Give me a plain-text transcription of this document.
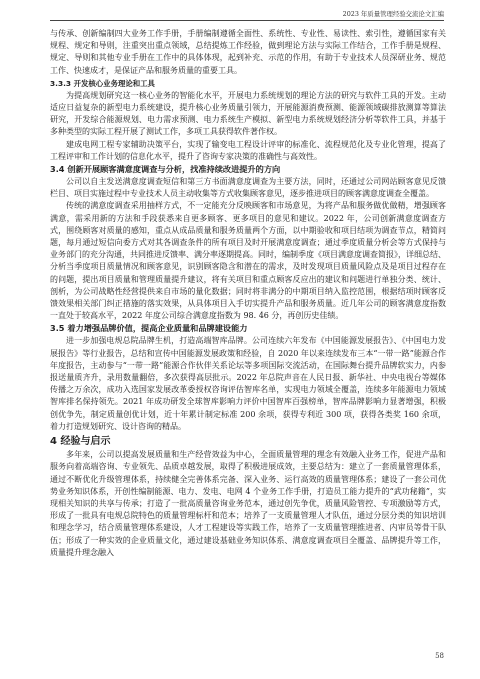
2023 年质量管理经验交流论文汇编

与传承、创新编制四大业务工作手册，手册编制遵循全面性、系统性、专业性、易读性、索引性，遵循国家有关规程、规定和导则，注重突出重点领域，总结提炼工作经验，做到理论方法与实际工作结合，工作手册是规程、规定、导则和其他专业手册在工作中的具体体现，起到补充、示范的作用，有助于专业技术人员深研业务、规范工作、快速成才，是保证产品和服务质量的重要工具。

3.3.3 开发核心业务理论和工具

为提高规划研究这一核心业务的智能化水平，开展电力系统规划的理论方法的研究与软件工具的开发。主动适应日益复杂的新型电力系统建设，提升核心业务质量引领力，开展能源消费预测、能源领域碳排放测算等算法研究，开发综合能源规划、电力需求预测、电力系统生产模拟、新型电力系统规划经济分析等软件工具，并基于多种类型的实际工程开展了测试工作，多项工具获得软件著作权。

建成电网工程专家辅助决策平台，实现了输变电工程设计评审的标准化、流程规范化及专业化管理，提高了工程评审和工作计划的信息化水平，提升了咨询专家决策的准确性与高效性。

3.4 创新开展顾客满意度调查与分析，找准持续改进提升的方向

公司以自主发送满意度调查短信和第三方书面满意度调查为主要方法，同时，还通过公司网站顾客意见反馈栏目、项目实施过程中专业技术人员主动收集等方式收集顾客意见，逐步推进项目的顾客满意度调查全覆盖。

传统的满意度调查采用抽样方式，不一定能充分反映顾客和市场意见，为将产品和服务做优做精，增强顾客满意，需采用新的方法和手段获悉来自更多顾客、更多项目的意见和建议。2022 年，公司创新满意度调查方式，围绕顾客对质量的感知，重点从成品质量和服务质量两个方面，以中期验收和项目结项为调查节点，精简问题，每月通过短信向委方式对其各调查条件的所有项目及时开展满意度调查；通过季度质量分析会等方式保持与业务部门的充分沟通，共同推进反馈率、满分率逐期提高。同时，编制季度《项目满意度调查简报》，详细总结、分析当季度项目质量情况和顾客意见，识别顾客隐含和潜在的需求，及时发现项目质量风险点及是项目过程存在的问题，提出项目质量和管理质量提升建议，将有关项目和重点顾客反应出的建议和问题进行单独分类、统计、剖析，为公司战略性经营提供来自市场的量化数据；同时将非满分的中期项目纳入监控范围，根据结项时顾客反馈效果相关部门纠正措施的落实效果，从具体项目入手切实提升产品和服务质量。近几年公司的顾客满意度指数一直处于较高水平，2022 年度公司综合满意度指数为 98. 46 分，再创历史佳绩。

3.5 着力增强品牌价值，提高企业质量和品牌建设能力

进一步加强电规总院品牌生机，打造高端智库品牌。公司连续六年发布《中国能源发展报告》、《中国电力发展报告》等行业报告，总结和宣传中国能源发展政策和经验，自 2020 年以来连续发布三本“一带一路”能源合作年度报告，主动参与“一带一路”能源合作伙伴关系论坛等多项国际交流活动，在国际舞台提升品牌软实力，内参报送量质齐升，录用数量翻倍，多次获得高层批示。2022 年总院声音在人民日报、新华社、中央电视台等媒体传播之万余次，成功入选国家发展改革委授权咨询评估智库名单，实现电力领域全覆盖，连续多年能源电力领域智库排名保持领先。2021 年成功研发全球智库影响力评价中国智库百强榜单，智库品牌影响力显著增强，积极创优争先，制定质量创优计划，近十年累计制定标准 200 余项，获得专利近 300 项，获得各类奖 160 余项，着力打造规划研究、设计咨询的精品。

4 经验与启示

多年来，公司以提高发展质量和生产经营效益为中心，全面质量管理的理念有效融入业务工作，促进产品和服务向着高端咨询、专业领先、品质卓越发展，取得了积极进展成效，主要总结为：建立了一套质量管理体系，通过不断优化升级管理体系，持续健全完善体系完备、深入业务、运行高效的质量管理体系；建设了一套公司优势业务知识体系，开创性编制能源、电力、发电、电网 4 个业务工作手册，打造员工能力提升的“武功秘籍”，实现相关知识的共享与传承；打造了一批高质量咨询业务范本，通过创先争优，质量风险管控、专项激励等方式，形成了一批具有电规总院特色的质量管理标杆和范本；培养了一支质量管理人才队伍，通过分层分类的知识培训和理念学习，结合质量管理体系建设，人才工程建设等实践工作，培养了一支质量管理推进者、内审员等骨干队伍；形成了一种实效的企业质量文化，通过建设基础业务知识体系、满意度调查项目全覆盖、品牌提升等工作，质量提升理念融入

58
